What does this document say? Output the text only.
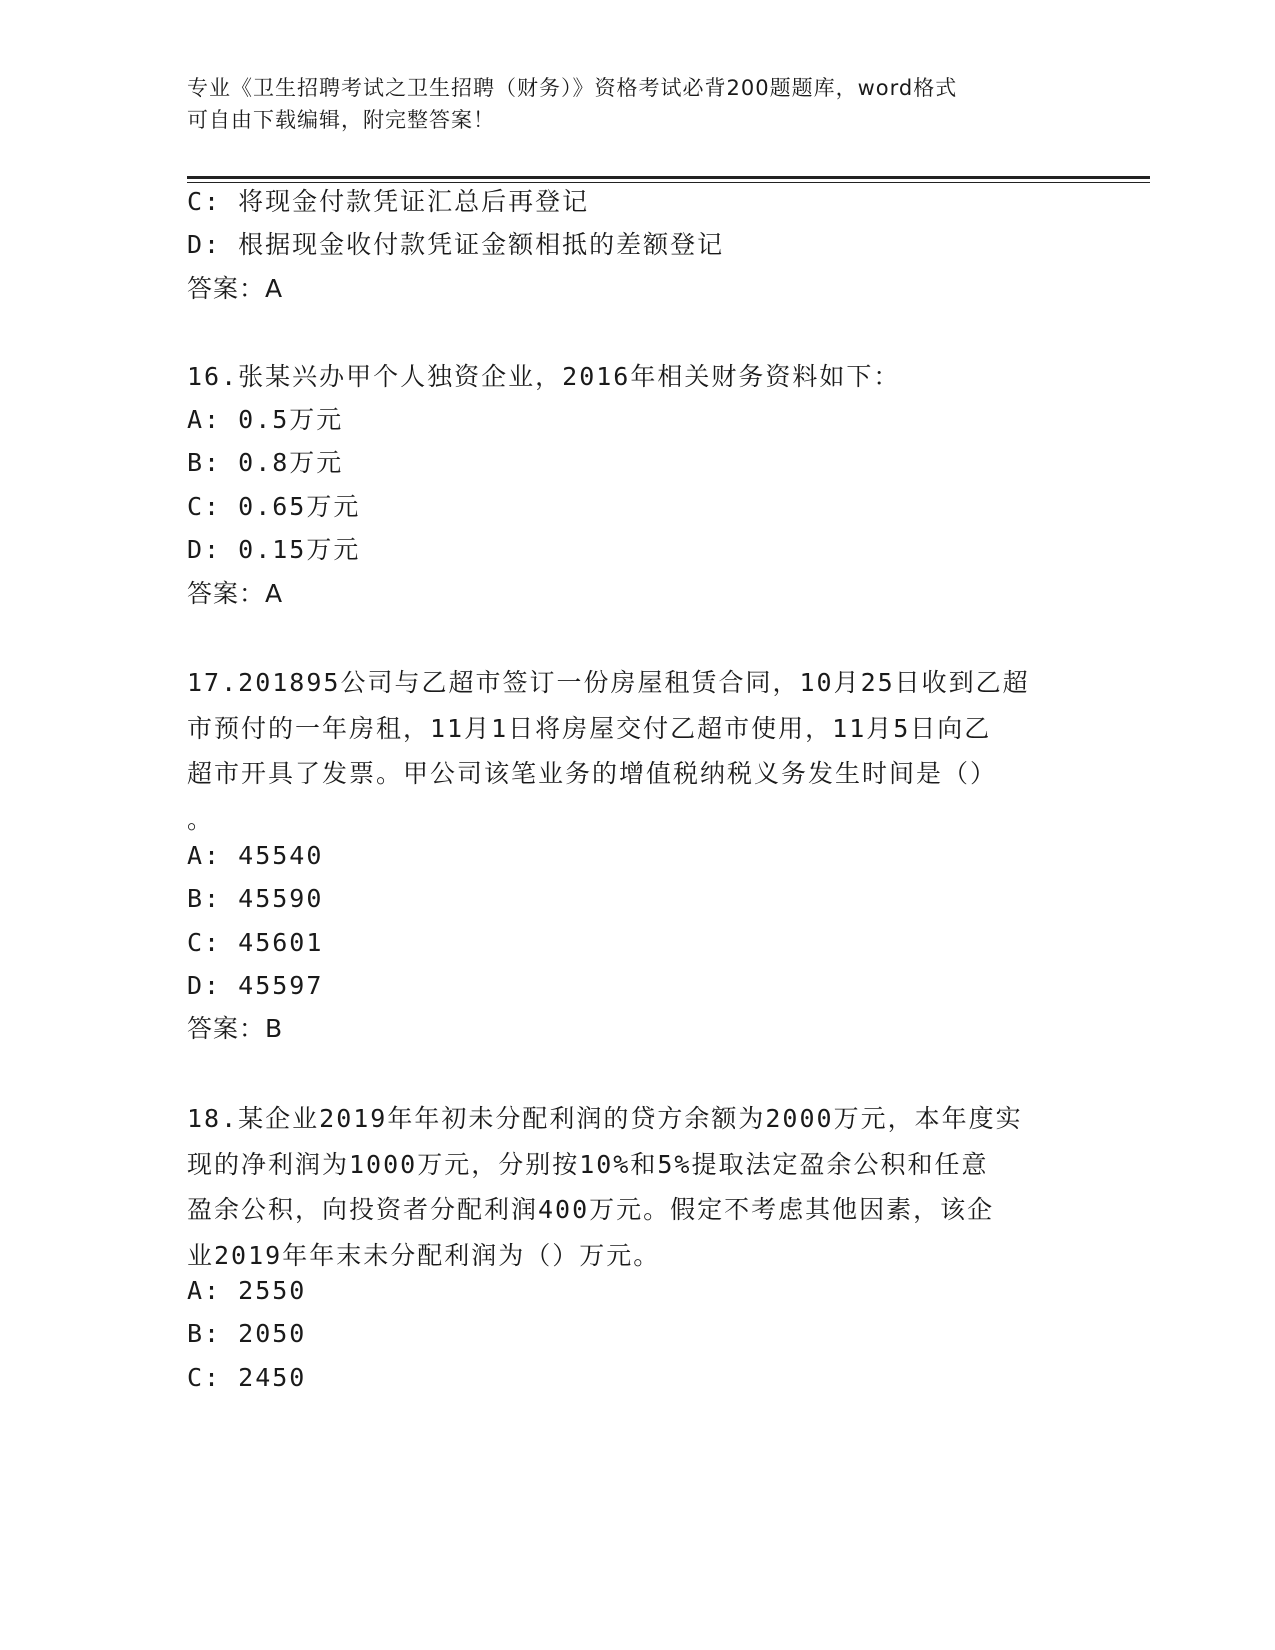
专业《卫生招聘考试之卫生招聘（财务）》资格考试必背200题题库，word格式
可自由下载编辑，附完整答案！
C: 将现金付款凭证汇总后再登记
D: 根据现金收付款凭证金额相抵的差额登记
答案：A
16.张某兴办甲个人独资企业，2016年相关财务资料如下：
A: 0.5万元
B: 0.8万元
C: 0.65万元
D: 0.15万元
答案：A
17.201895公司与乙超市签订一份房屋租赁合同，10月25日收到乙超
市预付的一年房租，11月1日将房屋交付乙超市使用，11月5日向乙
超市开具了发票。甲公司该笔业务的增值税纳税义务发生时间是（）
。
A: 45540
B: 45590
C: 45601
D: 45597
答案：B
18.某企业2019年年初未分配利润的贷方余额为2000万元，本年度实
现的净利润为1000万元，分别按10%和5%提取法定盈余公积和任意
盈余公积，向投资者分配利润400万元。假定不考虑其他因素，该企
业2019年年末未分配利润为（）万元。
A: 2550
B: 2050
C: 2450
